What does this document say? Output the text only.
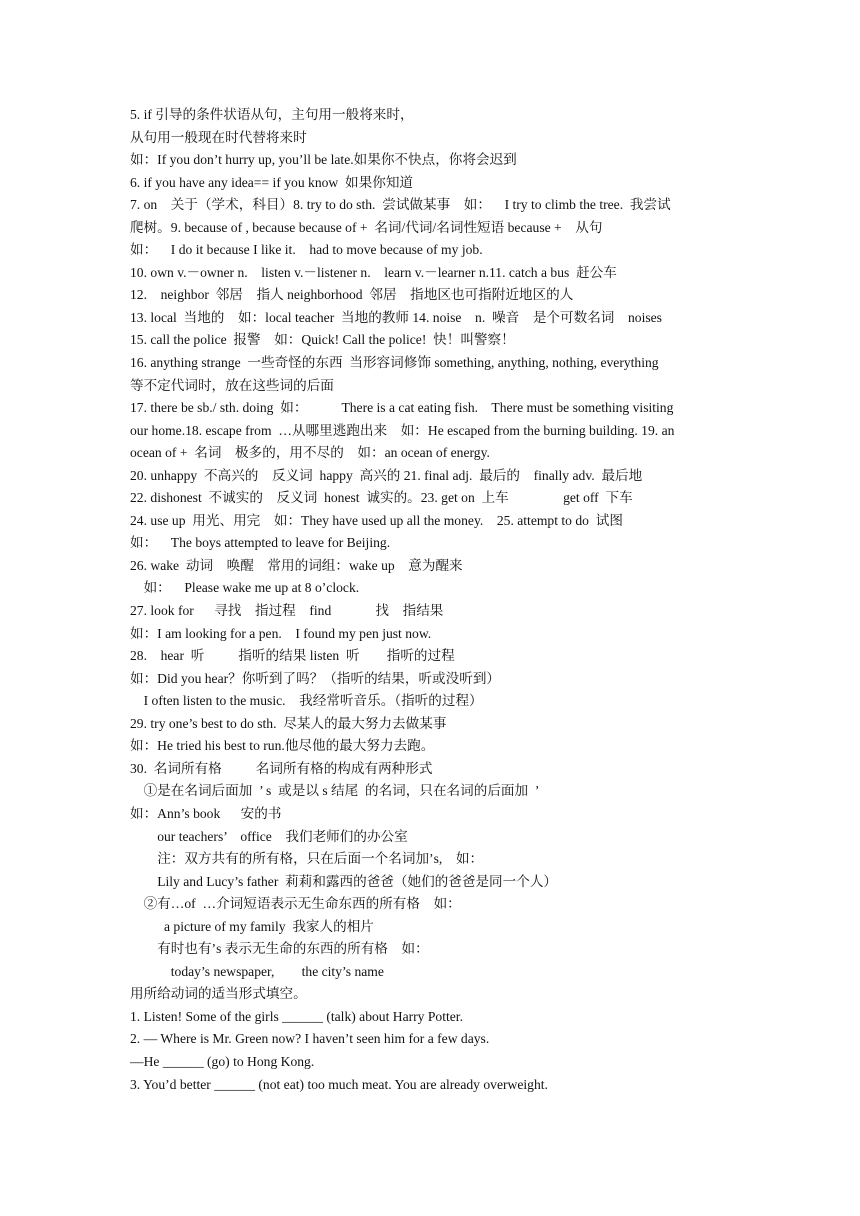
5. if 引导的条件状语从句，主句用一般将来时，
从句用一般现在时代替将来时
如：If you don’t hurry up, you’ll be late.如果你不快点，你将会迟到
6. if you have any idea== if you know  如果你知道
7. on    关于（学术，科目）8. try to do sth.  尝试做某事    如：    I try to climb the tree.  我尝试
爬树。9. because of , because because of +  名词/代词/名词性短语 because +    从句
如：    I do it because I like it.    had to move because of my job.
10. own v.－owner n.    listen v.－listener n.    learn v.－learner n.11. catch a bus  赶公车
12.    neighbor  邻居    指人 neighborhood  邻居    指地区也可指附近地区的人
13. local  当地的    如：local teacher  当地的教师 14. noise    n.  噪音    是个可数名词    noises
15. call the police  报警    如：Quick! Call the police!  快！叫警察！
16. anything strange  一些奇怪的东西  当形容词修饰 something, anything, nothing, everything
等不定代词时，放在这些词的后面
17. there be sb./ sth. doing  如：          There is a cat eating fish.    There must be something visiting
our home.18. escape from  …从哪里逃跑出来    如：He escaped from the burning building. 19. an
ocean of +  名词    极多的，用不尽的    如：an ocean of energy.
20. unhappy  不高兴的    反义词  happy  高兴的 21. final adj.  最后的    finally adv.  最后地
22. dishonest  不诚实的    反义词  honest  诚实的。23. get on  上车                get off  下车
24. use up  用光、用完    如：They have used up all the money.    25. attempt to do  试图
如：    The boys attempted to leave for Beijing.
26. wake  动词    唤醒    常用的词组：wake up    意为醒来
如：    Please wake me up at 8 o’clock.
27. look for      寻找    指过程    find             找    指结果
如：I am looking for a pen.    I found my pen just now.
28.    hear  听          指听的结果 listen  听        指听的过程
如：Did you hear？你听到了吗？（指听的结果，听或没听到）
I often listen to the music.    我经常听音乐。（指听的过程）
29. try one’s best to do sth.  尽某人的最大努力去做某事
如：He tried his best to run.他尽他的最大努力去跑。
30.  名词所有格          名词所有格的构成有两种形式
①是在名词后面加  ’ s  或是以 s 结尾  的名词，只在名词的后面加  ’
如：Ann’s book      安的书
our teachers’    office    我们老师们的办公室
注：双方共有的所有格，只在后面一个名词加’s,    如：
Lily and Lucy’s father  莉莉和露西的爸爸（她们的爸爸是同一个人）
②有…of  …介词短语表示无生命东西的所有格    如：
a picture of my family  我家人的相片
有时也有’s 表示无生命的东西的所有格    如：
today’s newspaper,        the city’s name
用所给动词的适当形式填空。
1. Listen! Some of the girls ______ (talk) about Harry Potter.
2. — Where is Mr. Green now? I haven’t seen him for a few days.
—He ______ (go) to Hong Kong.
3. You’d better ______ (not eat) too much meat. You are already overweight.
